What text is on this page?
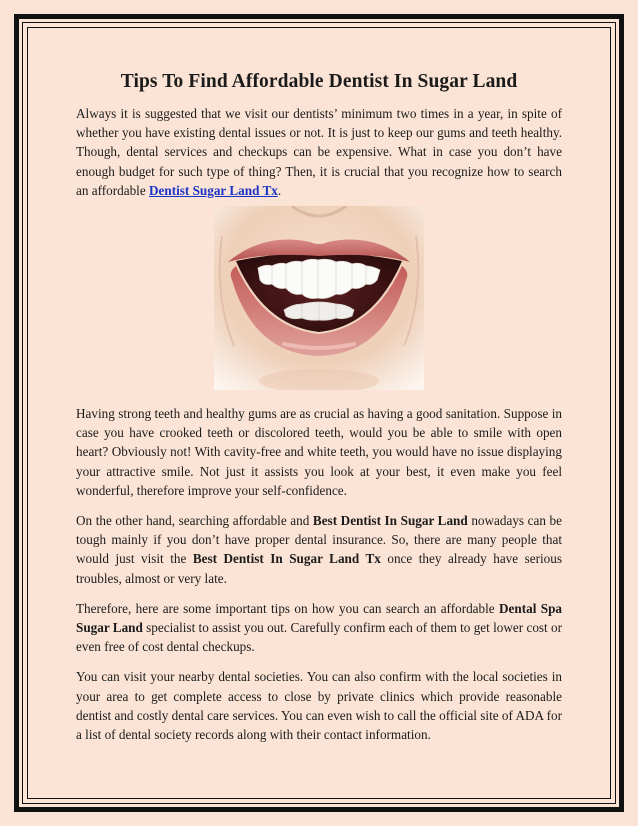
Tips To Find Affordable Dentist In Sugar Land

Always it is suggested that we visit our dentists’ minimum two times in a year, in spite of whether you have existing dental issues or not. It is just to keep our gums and teeth healthy. Though, dental services and checkups can be expensive. What in case you don’t have enough budget for such type of thing? Then, it is crucial that you recognize how to search an affordable Dentist Sugar Land Tx.

Having strong teeth and healthy gums are as crucial as having a good sanitation. Suppose in case you have crooked teeth or discolored teeth, would you be able to smile with open heart? Obviously not! With cavity-free and white teeth, you would have no issue displaying your attractive smile. Not just it assists you look at your best, it even make you feel wonderful, therefore improve your self-confidence.

On the other hand, searching affordable and Best Dentist In Sugar Land nowadays can be tough mainly if you don’t have proper dental insurance. So, there are many people that would just visit the Best Dentist In Sugar Land Tx once they already have serious troubles, almost or very late.

Therefore, here are some important tips on how you can search an affordable Dental Spa Sugar Land specialist to assist you out. Carefully confirm each of them to get lower cost or even free of cost dental checkups.

You can visit your nearby dental societies. You can also confirm with the local societies in your area to get complete access to close by private clinics which provide reasonable dentist and costly dental care services. You can even wish to call the official site of ADA for a list of dental society records along with their contact information.
